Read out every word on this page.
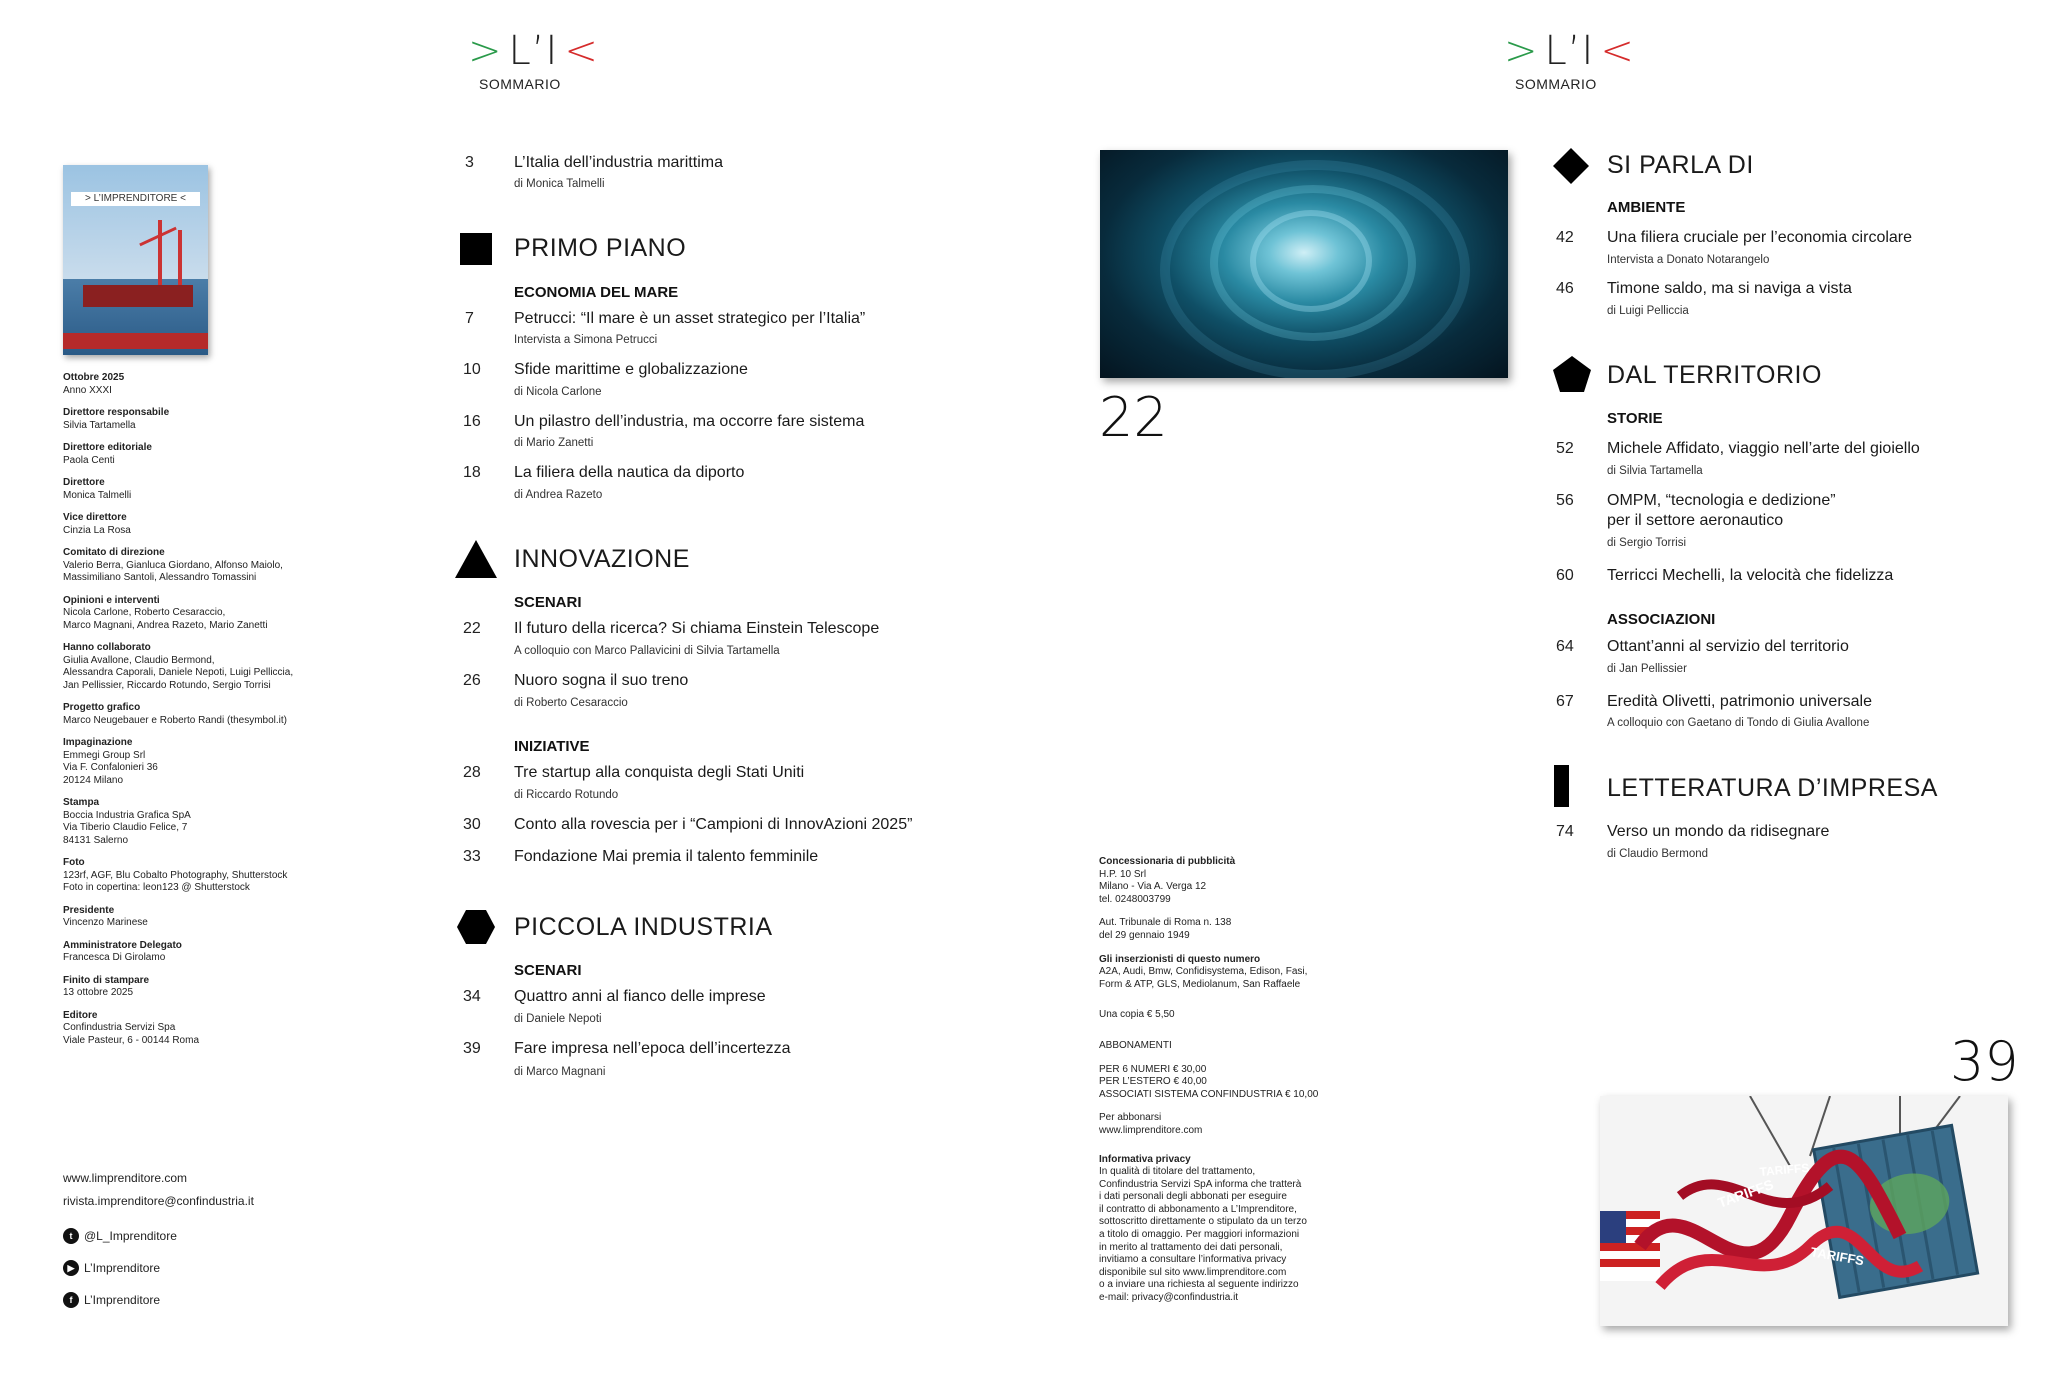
> L’I <
SOMMARIO
> L’I <
SOMMARIO
> L’IMPRENDITORE <
Ottobre 2025
Anno XXXI
Direttore responsabile
Silvia Tartamella
Direttore editoriale
Paola Centi
Direttore
Monica Talmelli
Vice direttore
Cinzia La Rosa
Comitato di direzione
Valerio Berra, Gianluca Giordano, Alfonso Maiolo,
Massimiliano Santoli, Alessandro Tomassini
Opinioni e interventi
Nicola Carlone, Roberto Cesaraccio,
Marco Magnani, Andrea Razeto, Mario Zanetti
Hanno collaborato
Giulia Avallone, Claudio Bermond,
Alessandra Caporali, Daniele Nepoti, Luigi Pelliccia,
Jan Pellissier, Riccardo Rotundo, Sergio Torrisi
Progetto grafico
Marco Neugebauer e Roberto Randi (thesymbol.it)
Impaginazione
Emmegi Group Srl
Via F. Confalonieri 36
20124 Milano
Stampa
Boccia Industria Grafica SpA
Via Tiberio Claudio Felice, 7
84131 Salerno
Foto
123rf, AGF, Blu Cobalto Photography, Shutterstock
Foto in copertina: leon123 @ Shutterstock
Presidente
Vincenzo Marinese
Amministratore Delegato
Francesca Di Girolamo
Finito di stampare
13 ottobre 2025
Editore
Confindustria Servizi Spa
Viale Pasteur, 6 - 00144 Roma
www.limprenditore.com
rivista.imprenditore@confindustria.it
t @L_Imprenditore
▶ L’Imprenditore
f L’Imprenditore
3	L’Italia dell’industria marittima
di Monica Talmelli
PRIMO PIANO
ECONOMIA DEL MARE
7	Petrucci: “Il mare è un asset strategico per l’Italia”
Intervista a Simona Petrucci
10 Sfide marittime e globalizzazione
di Nicola Carlone
16 Un pilastro dell’industria, ma occorre fare sistema
di Mario Zanetti
18 La filiera della nautica da diporto
di Andrea Razeto
INNOVAZIONE
SCENARI
22 Il futuro della ricerca? Si chiama Einstein Telescope
A colloquio con Marco Pallavicini di Silvia Tartamella
26 Nuoro sogna il suo treno
di Roberto Cesaraccio
INIZIATIVE
28 Tre startup alla conquista degli Stati Uniti
di Riccardo Rotundo
30 Conto alla rovescia per i “Campioni di InnovAzioni 2025”
33 Fondazione Mai premia il talento femminile
PICCOLA INDUSTRIA
SCENARI
34 Quattro anni al fianco delle imprese
di Daniele Nepoti
39 Fare impresa nell’epoca dell’incertezza
di Marco Magnani
22
Concessionaria di pubblicità
H.P. 10 Srl
Milano - Via A. Verga 12
tel. 0248003799
Aut. Tribunale di Roma n. 138
del 29 gennaio 1949
Gli inserzionisti di questo numero
A2A, Audi, Bmw, Confidisystema, Edison, Fasi,
Form & ATP, GLS, Mediolanum, San Raffaele
Una copia € 5,50
ABBONAMENTI
PER 6 NUMERI € 30,00
PER L’ESTERO € 40,00
ASSOCIATI SISTEMA CONFINDUSTRIA € 10,00
Per abbonarsi
www.limprenditore.com
Informativa privacy
In qualità di titolare del trattamento,
Confindustria Servizi SpA informa che tratterà
i dati personali degli abbonati per eseguire
il contratto di abbonamento a L’Imprenditore,
sottoscritto direttamente o stipulato da un terzo
a titolo di omaggio. Per maggiori informazioni
in merito al trattamento dei dati personali,
invitiamo a consultare l’informativa privacy
disponibile sul sito www.limprenditore.com
o a inviare una richiesta al seguente indirizzo
e-mail: privacy@confindustria.it
SI PARLA DI
AMBIENTE
42 Una filiera cruciale per l’economia circolare
Intervista a Donato Notarangelo
46 Timone saldo, ma si naviga a vista
di Luigi Pelliccia
DAL TERRITORIO
STORIE
52 Michele Affidato, viaggio nell’arte del gioiello
di Silvia Tartamella
56 OMPM, “tecnologia e dedizione”
per il settore aeronautico
di Sergio Torrisi
60 Terricci Mechelli, la velocità che fidelizza
ASSOCIAZIONI
64 Ottant’anni al servizio del territorio
di Jan Pellissier
67 Eredità Olivetti, patrimonio universale
A colloquio con Gaetano di Tondo di Giulia Avallone
LETTERATURA D’IMPRESA
74 Verso un mondo da ridisegnare
di Claudio Bermond
39
TARIFFS
TARIFFS
TARIFFS
